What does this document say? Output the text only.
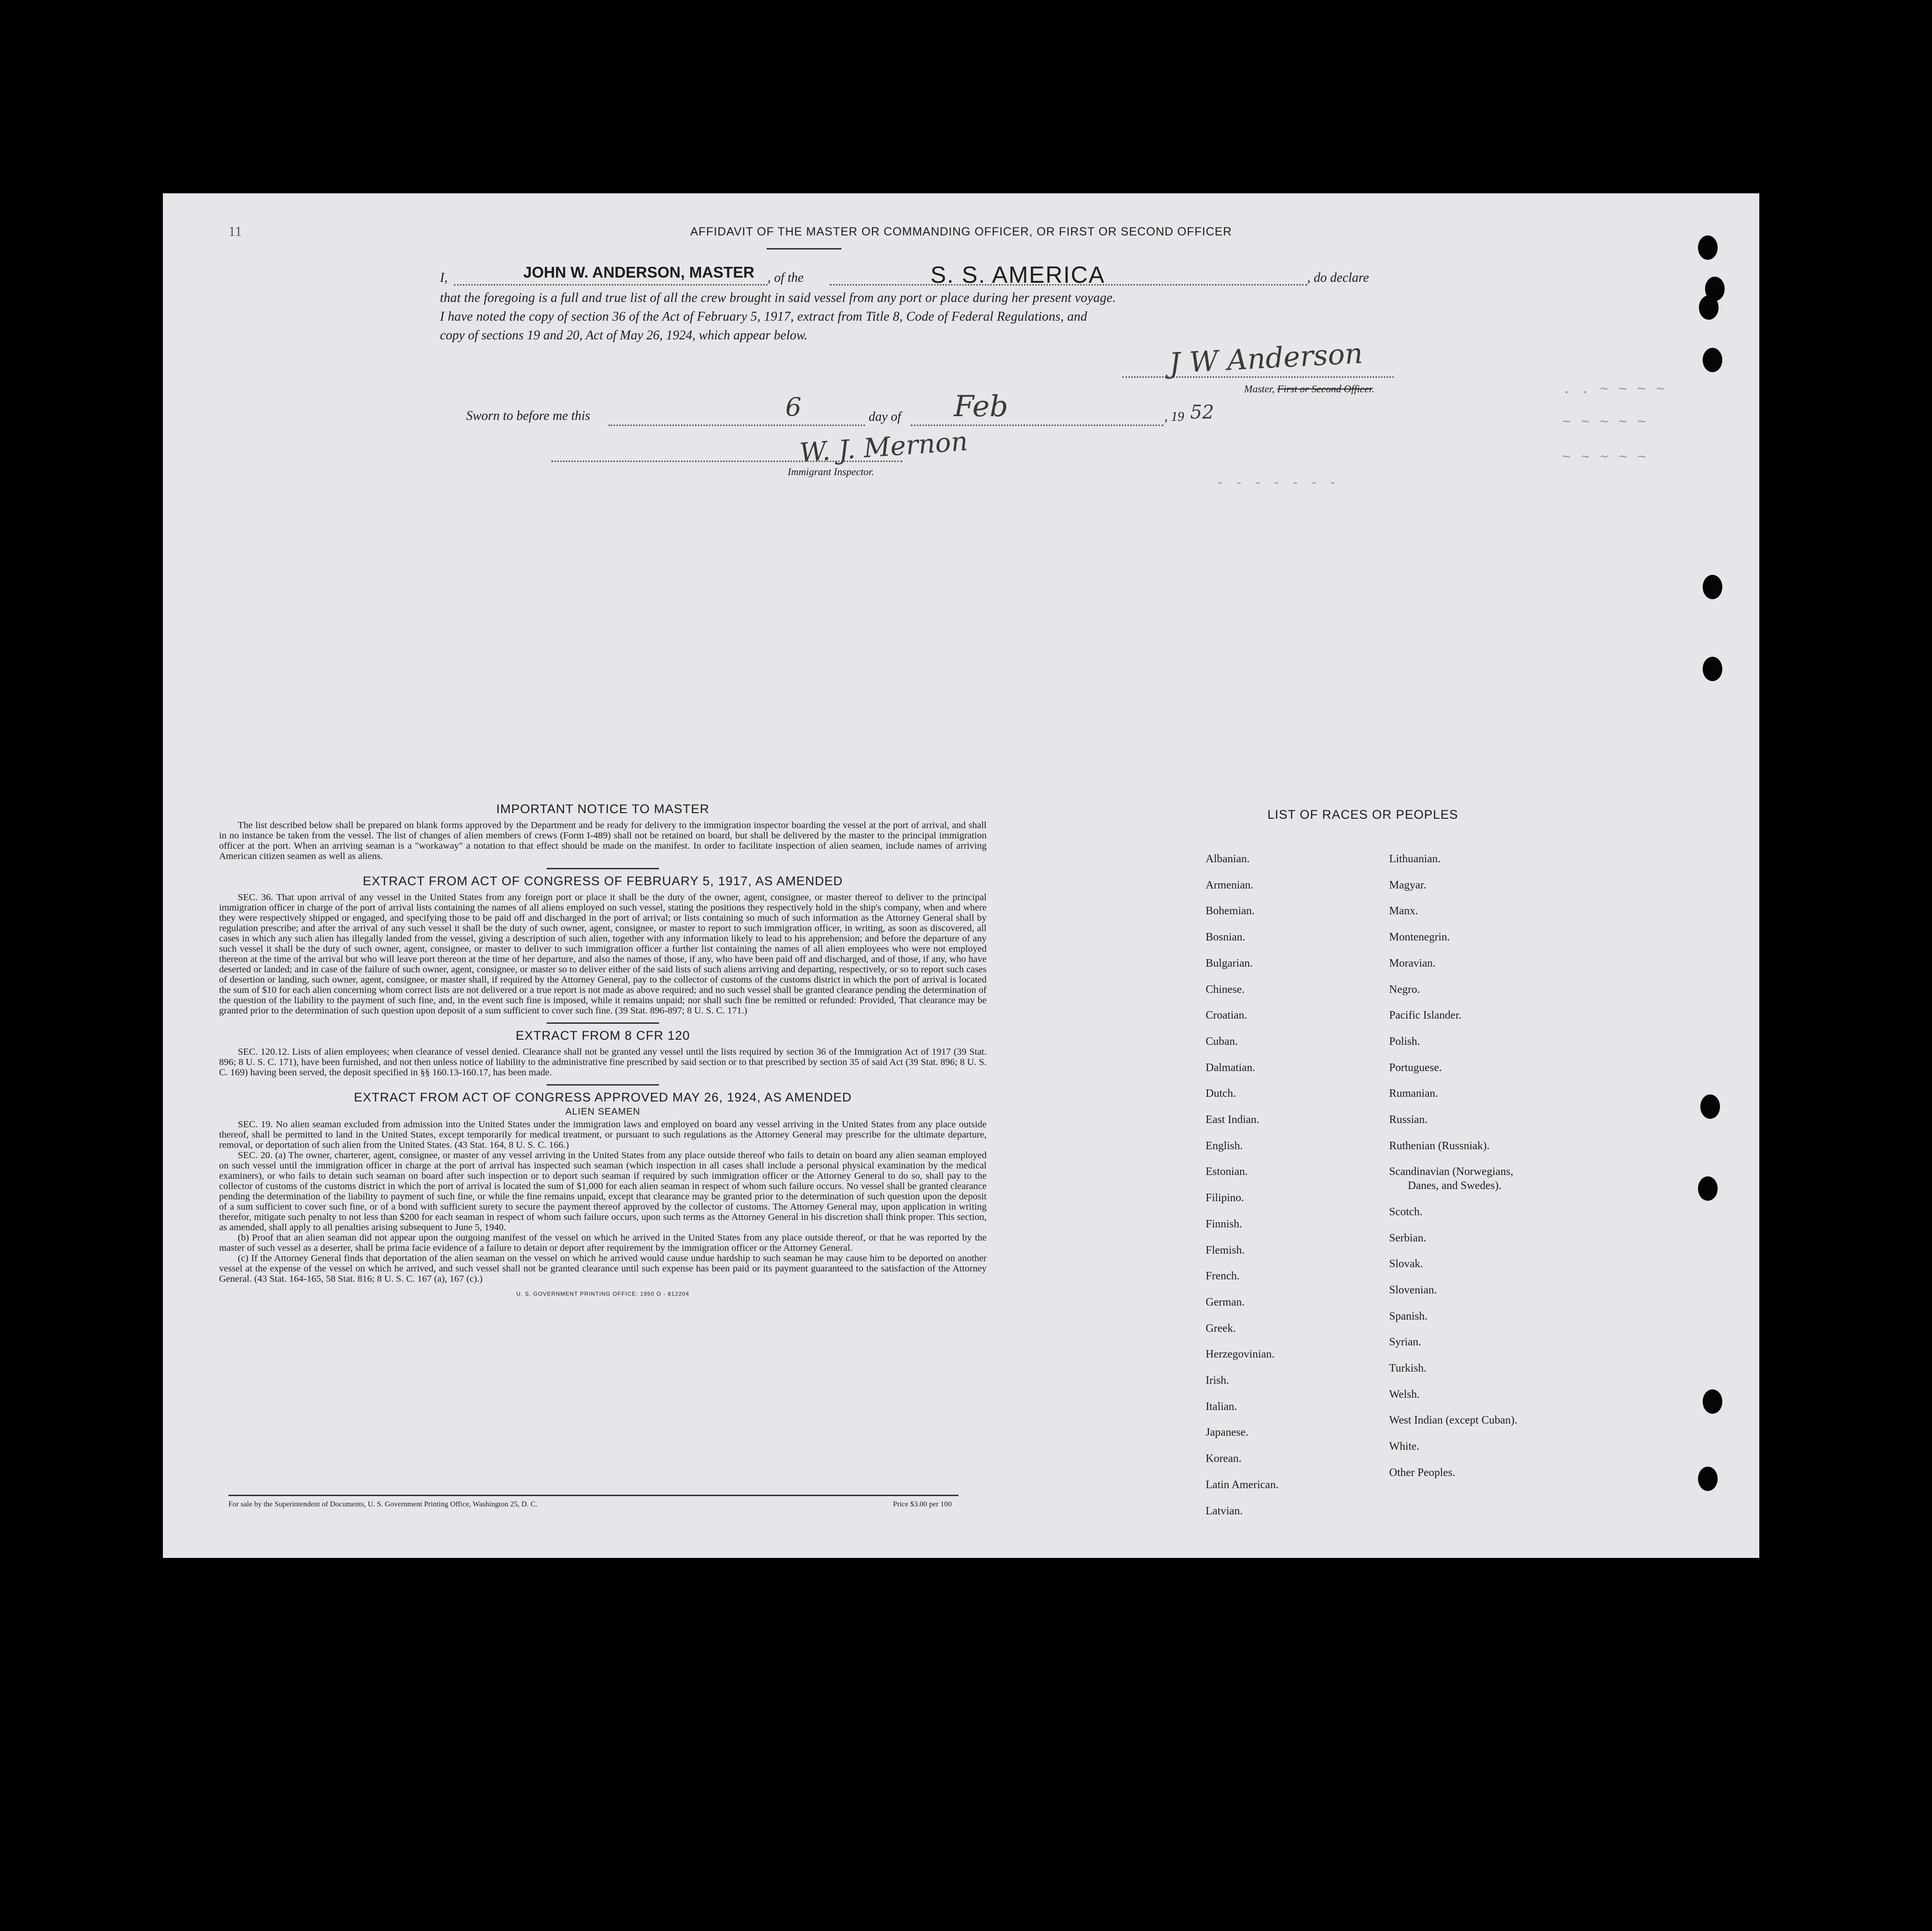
11
. . ~ ~ ~ ~
~ ~ ~ ~ ~
~ ~ ~ ~ ~
- - - - - - -
AFFIDAVIT OF THE MASTER OR COMMANDING OFFICER, OR FIRST OR SECOND OFFICER
I,	JOHN W. ANDERSON, MASTER , of the	S. S. AMERICA	, do declare
that the foregoing is a full and true list of all the crew brought in said vessel from any port or place during her present voyage.
I have noted the copy of section 36 of the Act of February 5, 1917, extract from Title 8, Code of Federal Regulations, and
copy of sections 19 and 20, Act of May 26, 1924, which appear below.
J W Anderson
Master, First or Second Officer.
Sworn to before me this	6	day of Feb	, 19 52
W. J. Mernon
Immigrant Inspector.
IMPORTANT NOTICE TO MASTER

The list described below shall be prepared on blank forms approved by the Department and be ready for delivery to the immigration inspector boarding the vessel at the port of arrival, and shall in no instance be taken from the vessel. The list of changes of alien members of crews (Form I-489) shall not be retained on board, but shall be delivered by the master to the principal immigration officer at the port. When an arriving seaman is a "workaway" a notation to that effect should be made on the manifest. In order to facilitate inspection of alien seamen, include names of arriving American citizen seamen as well as aliens.

EXTRACT FROM ACT OF CONGRESS OF FEBRUARY 5, 1917, AS AMENDED

SEC. 36. That upon arrival of any vessel in the United States from any foreign port or place it shall be the duty of the owner, agent, consignee, or master thereof to deliver to the principal immigration officer in charge of the port of arrival lists containing the names of all aliens employed on such vessel, stating the positions they respectively hold in the ship's company, when and where they were respectively shipped or engaged, and specifying those to be paid off and discharged in the port of arrival; or lists containing so much of such information as the Attorney General shall by regulation prescribe; and after the arrival of any such vessel it shall be the duty of such owner, agent, consignee, or master to report to such immigration officer, in writing, as soon as discovered, all cases in which any such alien has illegally landed from the vessel, giving a description of such alien, together with any information likely to lead to his apprehension; and before the departure of any such vessel it shall be the duty of such owner, agent, consignee, or master to deliver to such immigration officer a further list containing the names of all alien employees who were not employed thereon at the time of the arrival but who will leave port thereon at the time of her departure, and also the names of those, if any, who have been paid off and discharged, and of those, if any, who have deserted or landed; and in case of the failure of such owner, agent, consignee, or master so to deliver either of the said lists of such aliens arriving and departing, respectively, or so to report such cases of desertion or landing, such owner, agent, consignee, or master shall, if required by the Attorney General, pay to the collector of customs of the customs district in which the port of arrival is located the sum of $10 for each alien concerning whom correct lists are not delivered or a true report is not made as above required; and no such vessel shall be granted clearance pending the determination of the question of the liability to the payment of such fine, and, in the event such fine is imposed, while it remains unpaid; nor shall such fine be remitted or refunded: Provided, That clearance may be granted prior to the determination of such question upon deposit of a sum sufficient to cover such fine. (39 Stat. 896-897; 8 U. S. C. 171.)

EXTRACT FROM 8 CFR 120

SEC. 120.12. Lists of alien employees; when clearance of vessel denied. Clearance shall not be granted any vessel until the lists required by section 36 of the Immigration Act of 1917 (39 Stat. 896; 8 U. S. C. 171), have been furnished, and not then unless notice of liability to the administrative fine prescribed by said section or to that prescribed by section 35 of said Act (39 Stat. 896; 8 U. S. C. 169) having been served, the deposit specified in §§ 160.13-160.17, has been made.

EXTRACT FROM ACT OF CONGRESS APPROVED MAY 26, 1924, AS AMENDED
ALIEN SEAMEN

SEC. 19. No alien seaman excluded from admission into the United States under the immigration laws and employed on board any vessel arriving in the United States from any place outside thereof, shall be permitted to land in the United States, except temporarily for medical treatment, or pursuant to such regulations as the Attorney General may prescribe for the ultimate departure, removal, or deportation of such alien from the United States. (43 Stat. 164, 8 U. S. C. 166.)

SEC. 20. (a) The owner, charterer, agent, consignee, or master of any vessel arriving in the United States from any place outside thereof who fails to detain on board any alien seaman employed on such vessel until the immigration officer in charge at the port of arrival has inspected such seaman (which inspection in all cases shall include a personal physical examination by the medical examiners), or who fails to detain such seaman on board after such inspection or to deport such seaman if required by such immigration officer or the Attorney General to do so, shall pay to the collector of customs of the customs district in which the port of arrival is located the sum of $1,000 for each alien seaman in respect of whom such failure occurs. No vessel shall be granted clearance pending the determination of the liability to payment of such fine, or while the fine remains unpaid, except that clearance may be granted prior to the determination of such question upon the deposit of a sum sufficient to cover such fine, or of a bond with sufficient surety to secure the payment thereof approved by the collector of customs. The Attorney General may, upon application in writing therefor, mitigate such penalty to not less than $200 for each seaman in respect of whom such failure occurs, upon such terms as the Attorney General in his discretion shall think proper. This section, as amended, shall apply to all penalties arising subsequent to June 5, 1940.

(b) Proof that an alien seaman did not appear upon the outgoing manifest of the vessel on which he arrived in the United States from any place outside thereof, or that he was reported by the master of such vessel as a deserter, shall be prima facie evidence of a failure to detain or deport after requirement by the immigration officer or the Attorney General.

(c) If the Attorney General finds that deportation of the alien seaman on the vessel on which he arrived would cause undue hardship to such seaman he may cause him to be deported on another vessel at the expense of the vessel on which he arrived, and such vessel shall not be granted clearance until such expense has been paid or its payment guaranteed to the satisfaction of the Attorney General. (43 Stat. 164-165, 58 Stat. 816; 8 U. S. C. 167 (a), 167 (c).)

U. S. GOVERNMENT PRINTING OFFICE: 1950 O - 812204
For sale by the Superintendent of Documents, U. S. Government Printing Office, Washington 25, D. C.	Price $3.00 per 100
LIST OF RACES OR PEOPLES
Albanian.
Armenian.
Bohemian.
Bosnian.
Bulgarian.
Chinese.
Croatian.
Cuban.
Dalmatian.
Dutch.
East Indian.
English.
Estonian.
Filipino.
Finnish.
Flemish.
French.
German.
Greek.
Herzegovinian.
Irish.
Italian.
Japanese.
Korean.
Latin American.
Latvian.
Lithuanian.
Magyar.
Manx.
Montenegrin.
Moravian.
Negro.
Pacific Islander.
Polish.
Portuguese.
Rumanian.
Russian.
Ruthenian (Russniak).
Scandinavian (Norwegians,
Danes, and Swedes).
Scotch.
Serbian.
Slovak.
Slovenian.
Spanish.
Syrian.
Turkish.
Welsh.
West Indian (except Cuban).
White.
Other Peoples.
